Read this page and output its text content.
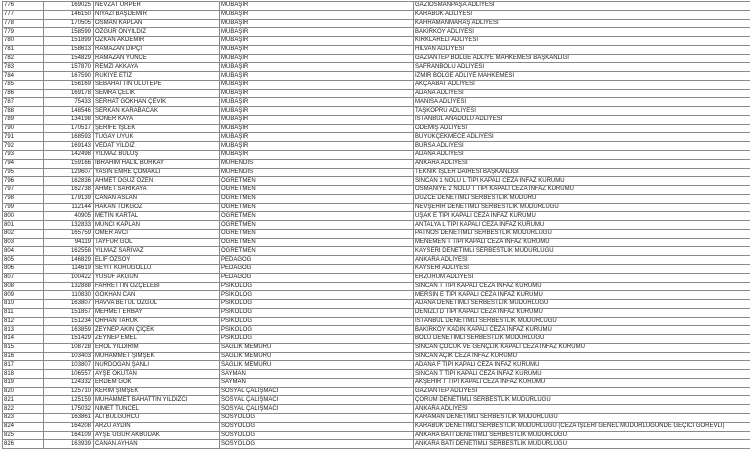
776	169025	NEVZAT URPER	MÜBAŞİR	GAZİOSMANPAŞA ADLİYESİ
777	146150	NİYAZİ BAŞDEMİR	MÜBAŞİR	KARABÜK ADLİYESİ
778	170505	OSMAN KAPLAN	MÜBAŞİR	KAHRAMANMARAŞ ADLİYESİ
779	158599	ÖZGÜR ÖNYILDIZ	MÜBAŞİR	BAKIRKÖY ADLİYESİ
780	151899	ÖZKAN AKDEMİR	MÜBAŞİR	KIRKLARELİ ADLİYESİ
781	158613	RAMAZAN DİPÇİ	MÜBAŞİR	HİLVAN ADLİYESİ
782	154829	RAMAZAN YUNCE	MÜBAŞİR	GAZİANTEP BÖLGE ADLİYE MAHKEMESİ BAŞKANLIĞI
783	157870	REMZİ AKKAYA	MÜBAŞİR	SAFRANBOLU ADLİYESİ
784	167590	RUKİYE ETİZ	MÜBAŞİR	İZMİR BÖLGE ADLİYE MAHKEMESİ
785	156169	SEBAHATTİN ULUTEPE	MÜBAŞİR	AKÇAABAT ADLİYESİ
786	169178	SEMRA ÇELİK	MÜBAŞİR	ADANA ADLİYESİ
787	75433	SERHAT GÖKHAN ÇEVİK	MÜBAŞİR	MANİSA ADLİYESİ
788	148546	SERKAN KARABACAK	MÜBAŞİR	TAŞKÖPRÜ ADLİYESİ
789	134198	SONER KAYA	MÜBAŞİR	İSTANBUL ANADOLU ADLİYESİ
790	170517	ŞERİFE İŞLEK	MÜBAŞİR	ÖDEMİŞ ADLİYESİ
791	168593	TUĞAY UYUK	MÜBAŞİR	BÜYÜKÇEKMECE ADLİYESİ
792	169143	VEDAT YILDIZ	MÜBAŞİR	BURSA ADLİYESİ
793	142498	YILMAZ BULUŞ	MÜBAŞİR	ADANA ADLİYESİ
794	159166	İBRAHİM HALİL BURKAY	MÜHENDİS	ANKARA ADLİYESİ
795	129607	YASİN EMRE ÇÖMAKLI	MÜHENDİS	TEKNİK İŞLER DAİRESİ BAŞKANLIĞI
796	162836	AHMET OĞUZ ÖZEN	ÖĞRETMEN	SİNCAN 1 NOLU L TİPİ KAPALI CEZA İNFAZ KURUMU
797	162738	AHMET SARIKAYA	ÖĞRETMEN	OSMANİYE 2 NOLU T TİPİ KAPALI CEZA İNFAZ KURUMU
798	179139	CANAN ASLAN	ÖĞRETMEN	DÜZCE DENETİMLİ SERBESTLİK MÜDÜRÜ
799	112144	HAKAN TOKGÖZ	ÖĞRETMEN	NEVŞEHİR DENETİMLİ SERBESTLİK MÜDÜRLÜĞÜ
800	40905	METİN KARTAL	ÖĞRETMEN	UŞAK E TİPİ KAPALI CEZA İNFAZ KURUMU
801	132833	MÜNCİ KAPLAN	ÖĞRETMEN	ANTALYA L TİPİ KAPALI CEZA İNFAZ KURUMU
802	165759	ÖMER AVCI	ÖĞRETMEN	PATNOS DENETİMLİ SERBESTLİK MÜDÜRLÜĞÜ
803	94119	TAYFUR GÖL	ÖĞRETMEN	MENEMEN T TİPİ KAPALI CEZA İNFAZ KURUMU
804	162558	YILMAZ SARIVAZ	ÖĞRETMEN	KAYSERİ DENETİMLİ SERBESTLİK MÜDÜRLÜĞÜ
805	146829	ELİF ÖZSOY	PEDAGOG	ANKARA ADLİYESİ
806	114619	SEYİT KURUGÖLLÜ	PEDAGOG	KAYSERİ ADLİYESİ
807	100422	YUSUF AKGÜN	PEDAGOG	ERZURUM ADLİYESİ
808	132888	FAHRETTİN ÖZÇELEBİ	PSİKOLOG	SİNCAN T TİPİ KAPALI CEZA İNFAZ KURUMU
809	110830	GÖKHAN CAN	PSİKOLOG	MERSİN E TİPİ KAPALI CEZA İNFAZ KURUMU
810	163807	HAVVA BETÜL ÖZGÜL	PSİKOLOG	ADANA DENETİMLİ SERBESTLİK MÜDÜRLÜĞÜ
811	151857	MEHMET ERBAY	PSİKOLOG	DENİZLİ D TİPİ KAPALI CEZA İNFAZ KURUMU
812	151234	ORHAN TARUK	PSİKOLOG	İSTANBUL DENETİMLİ SERBESTLİK MÜDÜRLÜĞÜ
813	163859	ZEYNEP AKIN ÇİÇEK	PSİKOLOG	BAKIRKÖY KADIN KAPALI CEZA İNFAZ KURUMU
814	151429	ZEYNEP EMEL	PSİKOLOG	BOLU DENETİMLİ SERBESTLİK MÜDÜRLÜĞÜ
815	108728	EROL YILDIRIM	SAĞLIK MEMURU	SİNCAN ÇOCUK VE GENÇLİK KAPALI CEZA İNFAZ KURUMU
816	103403	MUHAMMET ŞİMŞEK	SAĞLIK MEMURU	SİNCAN AÇIK CEZA İNFAZ KURUMU
817	103807	NURDOĞAN ŞANLI	SAĞLIK MEMURU	ADANA F TİPİ KAPALI CEZA İNFAZ KURUMU
818	106557	AYŞE OKUTAN	SAYMAN	SİNCAN T TİPİ KAPALI CEZA İNFAZ KURUMU
819	124332	ERDEM GÖK	SAYMAN	AKŞEHİR T TİPİ KAPALI CEZA İNFAZ KURUMU
820	125710	KERİM ŞİMŞEK	SOSYAL ÇALIŞMACI	GAZİANTEP ADLİYESİ
821	125159	MUHAMMET BAHATTİN YILDIZCI	SOSYAL ÇALIŞMACI	ÇORUM DENETİMLİ SERBESTLİK MÜDÜRLÜĞÜ
822	175032	NİMET TUNCEL	SOSYAL ÇALIŞMACI	ANKARA ADLİYESİ
823	163861	ALİ BULGURCU	SOSYOLOG	KARAMAN DENETİMLİ SERBESTLİK MÜDÜRLÜĞÜ
824	164208	ARZU AYDIN	SOSYOLOG	KARABÜK DENETİMLİ SERBESTLİK MÜDÜRLÜĞÜ (CEZA İŞLERİ GENEL MÜDÜRLÜĞÜNDE GEÇİCİ GÖREVLİ)
825	164109	AYŞE UĞUR AKBUDAK	SOSYOLOG	ANKARA BATI DENETİMLİ SERBESTLİK MÜDÜRLÜĞÜ
826	163939	CANAN AYHAN	SOSYOLOG	ANKARA BATI DENETİMLİ SERBESTLİK MÜDÜRLÜĞÜ
